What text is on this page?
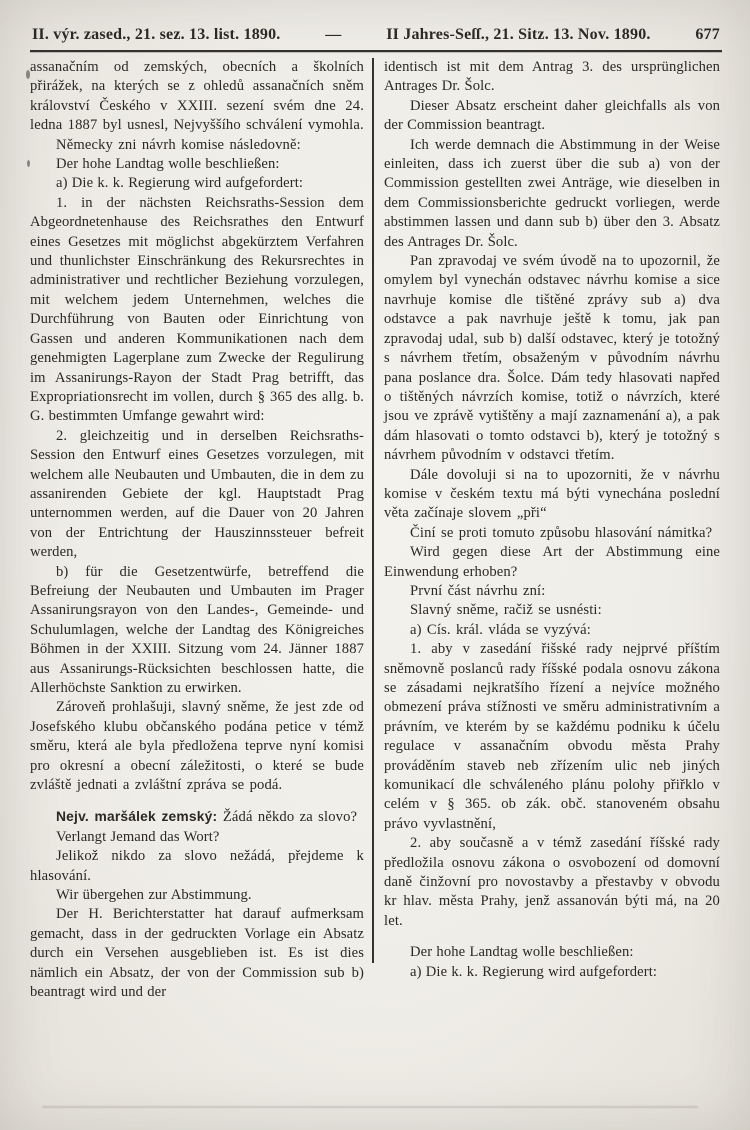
II. výr. zased., 21. sez. 13. list. 1890.	—	II Jahres-Seſſ., 21. Sitz. 13. Nov. 1890.	677

assanačním od zemských, obecních a školních přirážek, na kterých se z ohledů assanačních sněm království Českého v XXIII. sezení svém dne 24. ledna 1887 byl usnesl, Nejvyššího schválení vymohla.

Německy zni návrh komise následovně:

Der hohe Landtag wolle beschließen:

a) Die k. k. Regierung wird aufgefordert:

1. in der nächsten Reichsraths-Session dem Abgeordnetenhause des Reichsrathes den Entwurf eines Gesetzes mit möglichst abgekürztem Verfahren und thunlichster Einschränkung des Rekursrechtes in administrativer und rechtlicher Beziehung vorzulegen, mit welchem jedem Unternehmen, welches die Durchführung von Bauten oder Einrichtung von Gassen und anderen Kommunikationen nach dem genehmigten Lagerplane zum Zwecke der Regulirung im Assanirungs-Rayon der Stadt Prag betrifft, das Expropriationsrecht im vollen, durch § 365 des allg. b. G. bestimmten Umfange gewahrt wird:

2. gleichzeitig und in derselben Reichsraths-Session den Entwurf eines Gesetzes vorzulegen, mit welchem alle Neubauten und Umbauten, die in dem zu assanirenden Gebiete der kgl. Hauptstadt Prag unternommen werden, auf die Dauer von 20 Jahren von der Entrichtung der Hauszinnssteuer befreit werden,

b) für die Gesetzentwürfe, betreffend die Befreiung der Neubauten und Umbauten im Prager Assanirungsrayon von den Landes-, Gemeinde- und Schulumlagen, welche der Landtag des Königreiches Böhmen in der XXIII. Sitzung vom 24. Jänner 1887 aus Assanirungs-Rücksichten beschlossen hatte, die Allerhöchste Sanktion zu erwirken.

Zároveň prohlašuji, slavný sněme, že jest zde od Josefského klubu občanského podána petice v témž směru, která ale byla předložena teprve nyní komisi pro okresní a obecní záležitosti, o které se bude zvláště jednati a zvláštní zpráva se podá.

Nejv. maršálek zemský: Žádá někdo za slovo?

Verlangt Jemand das Wort?

Jelikož nikdo za slovo nežádá, přejdeme k hlasování.

Wir übergehen zur Abstimmung.

Der H. Berichterstatter hat darauf aufmerksam gemacht, dass in der gedruckten Vorlage ein Absatz durch ein Versehen ausgeblieben ist. Es ist dies nämlich ein Absatz, der von der Commission sub b) beantragt wird und der

identisch ist mit dem Antrag 3. des ursprünglichen Antrages Dr. Šolc.

Dieser Absatz erscheint daher gleichfalls als von der Commission beantragt.

Ich werde demnach die Abstimmung in der Weise einleiten, dass ich zuerst über die sub a) von der Commission gestellten zwei Anträge, wie dieselben in dem Commissionsberichte gedruckt vorliegen, werde abstimmen lassen und dann sub b) über den 3. Absatz des Antrages Dr. Šolc.

Pan zpravodaj ve svém úvodě na to upozornil, že omylem byl vynechán odstavec návrhu komise a sice navrhuje komise dle tištěné zprávy sub a) dva odstavce a pak navrhuje ještě k tomu, jak pan zpravodaj udal, sub b) další odstavec, který je totožný s návrhem třetím, obsaženým v původním návrhu pana poslance dra. Šolce. Dám tedy hlasovati napřed o tištěných návrzích komise, totiž o návrzích, které jsou ve zprávě vytištěny a mají zaznamenání a), a pak dám hlasovati o tomto odstavci b), který je totožný s návrhem původním v odstavci třetím.

Dále dovoluji si na to upozorniti, že v návrhu komise v českém textu má býti vynechána poslední věta začínaje slovem „při“

Činí se proti tomuto způsobu hlasování námitka?

Wird gegen diese Art der Abstimmung eine Einwendung erhoben?

První část návrhu zní:

Slavný sněme, račiž se usnésti:

a) Cís. král. vláda se vyzývá:

1. aby v zasedání řišské rady nejprvé příštím sněmovně poslanců rady říšské podala osnovu zákona se zásadami nejkratšího řízení a nejvíce možného obmezení práva stížnosti ve směru administrativním a právním, ve kterém by se každému podniku k účelu regulace v assanačním obvodu města Prahy prováděním staveb neb zřízením ulic neb jiných komunikací dle schváleného plánu polohy přiřklo v celém v § 365. ob zák. obč. stanoveném obsahu právo vyvlastnění,

2. aby současně a v témž zasedání říšské rady předložila osnovu zákona o osvobození od domovní daně činžovní pro novostavby a přestavby v obvodu kr hlav. města Prahy, jenž assanován býti má, na 20 let.

Der hohe Landtag wolle beschließen:

a) Die k. k. Regierung wird aufgefordert:
